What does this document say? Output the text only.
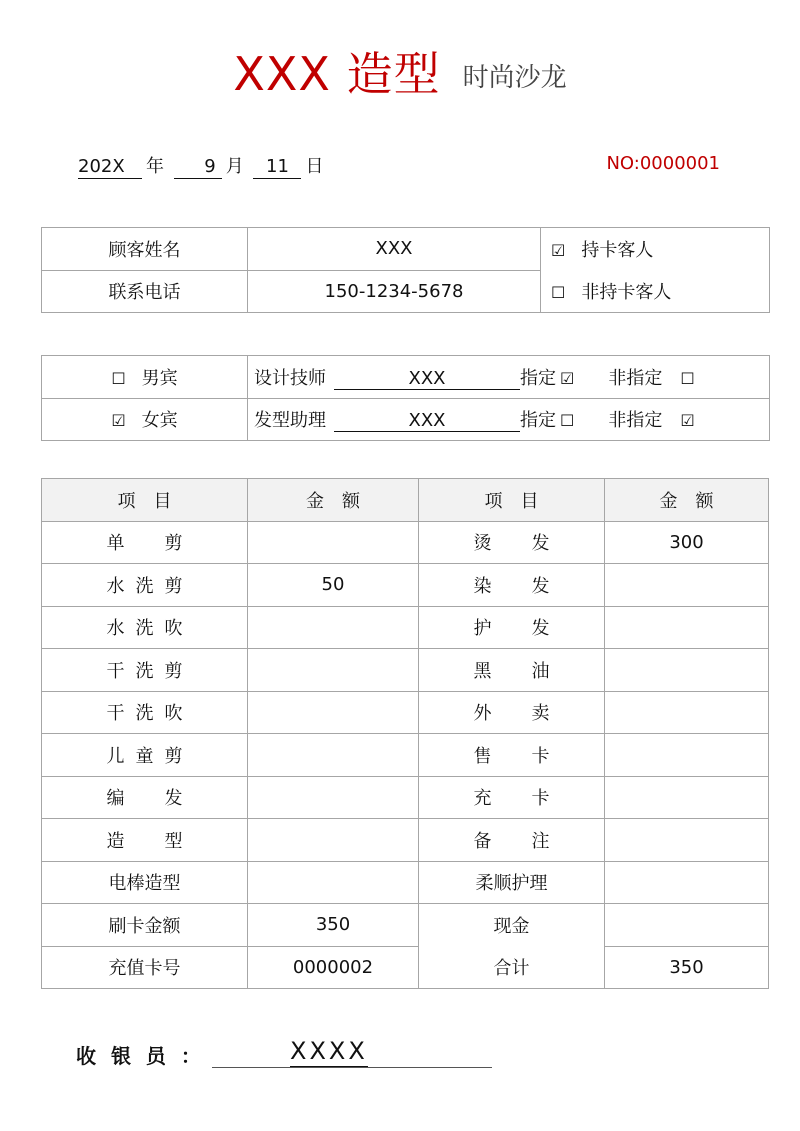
XXX 造型 时尚沙龙
202X 年 9 月 11 日	NO:0000001
顾客姓名	XXX	☑ 持卡客人
联系电话	150-1234-5678	☐ 非持卡客人
☐ 男宾	设计技师 XXX 指定 ☑ 非指定 ☐
☑ 女宾	发型助理 XXX 指定 ☐ 非指定 ☑
项　目	金　额	项　目	金　额
单剪		烫发	300
水洗剪	50	染发	
水洗吹		护发	
干洗剪		黑油	
干洗吹		外卖	
儿童剪		售卡	
编发		充卡	
造型		备注	
电棒造型		柔顺护理	
刷卡金额	350	现金	
充值卡号	0000002	合计	350
收 银 员 ：	XXXX
